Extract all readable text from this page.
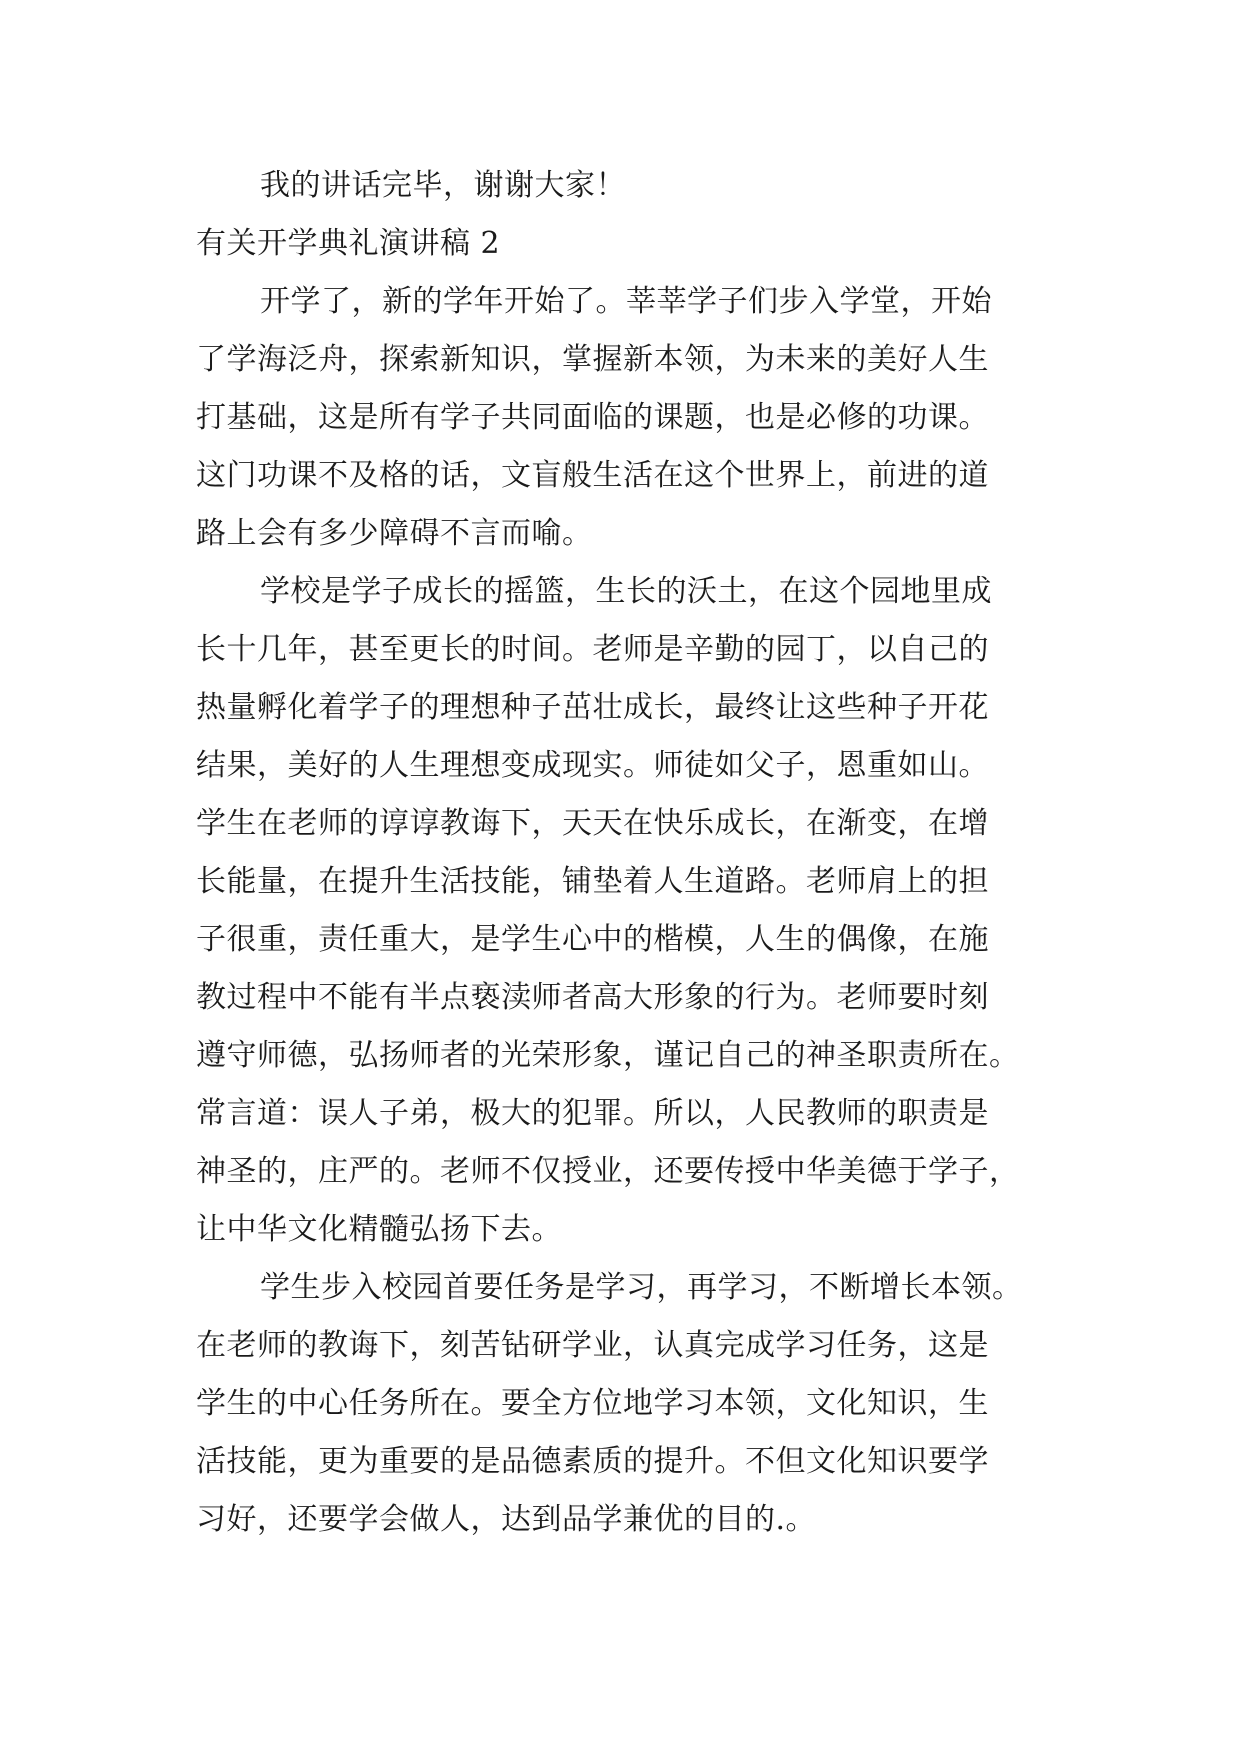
我的讲话完毕，谢谢大家！
有关开学典礼演讲稿 2
开学了，新的学年开始了。莘莘学子们步入学堂，开始
了学海泛舟，探索新知识，掌握新本领，为未来的美好人生
打基础，这是所有学子共同面临的课题，也是必修的功课。
这门功课不及格的话，文盲般生活在这个世界上，前进的道
路上会有多少障碍不言而喻。
学校是学子成长的摇篮，生长的沃土，在这个园地里成
长十几年，甚至更长的时间。老师是辛勤的园丁，以自己的
热量孵化着学子的理想种子茁壮成长，最终让这些种子开花
结果，美好的人生理想变成现实。师徒如父子，恩重如山。
学生在老师的谆谆教诲下，天天在快乐成长，在渐变，在增
长能量，在提升生活技能，铺垫着人生道路。老师肩上的担
子很重，责任重大，是学生心中的楷模，人生的偶像，在施
教过程中不能有半点亵渎师者高大形象的行为。老师要时刻
遵守师德，弘扬师者的光荣形象，谨记自己的神圣职责所在。
常言道：误人子弟，极大的犯罪。所以，人民教师的职责是
神圣的，庄严的。老师不仅授业，还要传授中华美德于学子，
让中华文化精髓弘扬下去。
学生步入校园首要任务是学习，再学习，不断增长本领。
在老师的教诲下，刻苦钻研学业，认真完成学习任务，这是
学生的中心任务所在。要全方位地学习本领，文化知识，生
活技能，更为重要的是品德素质的提升。不但文化知识要学
习好，还要学会做人，达到品学兼优的目的.。
